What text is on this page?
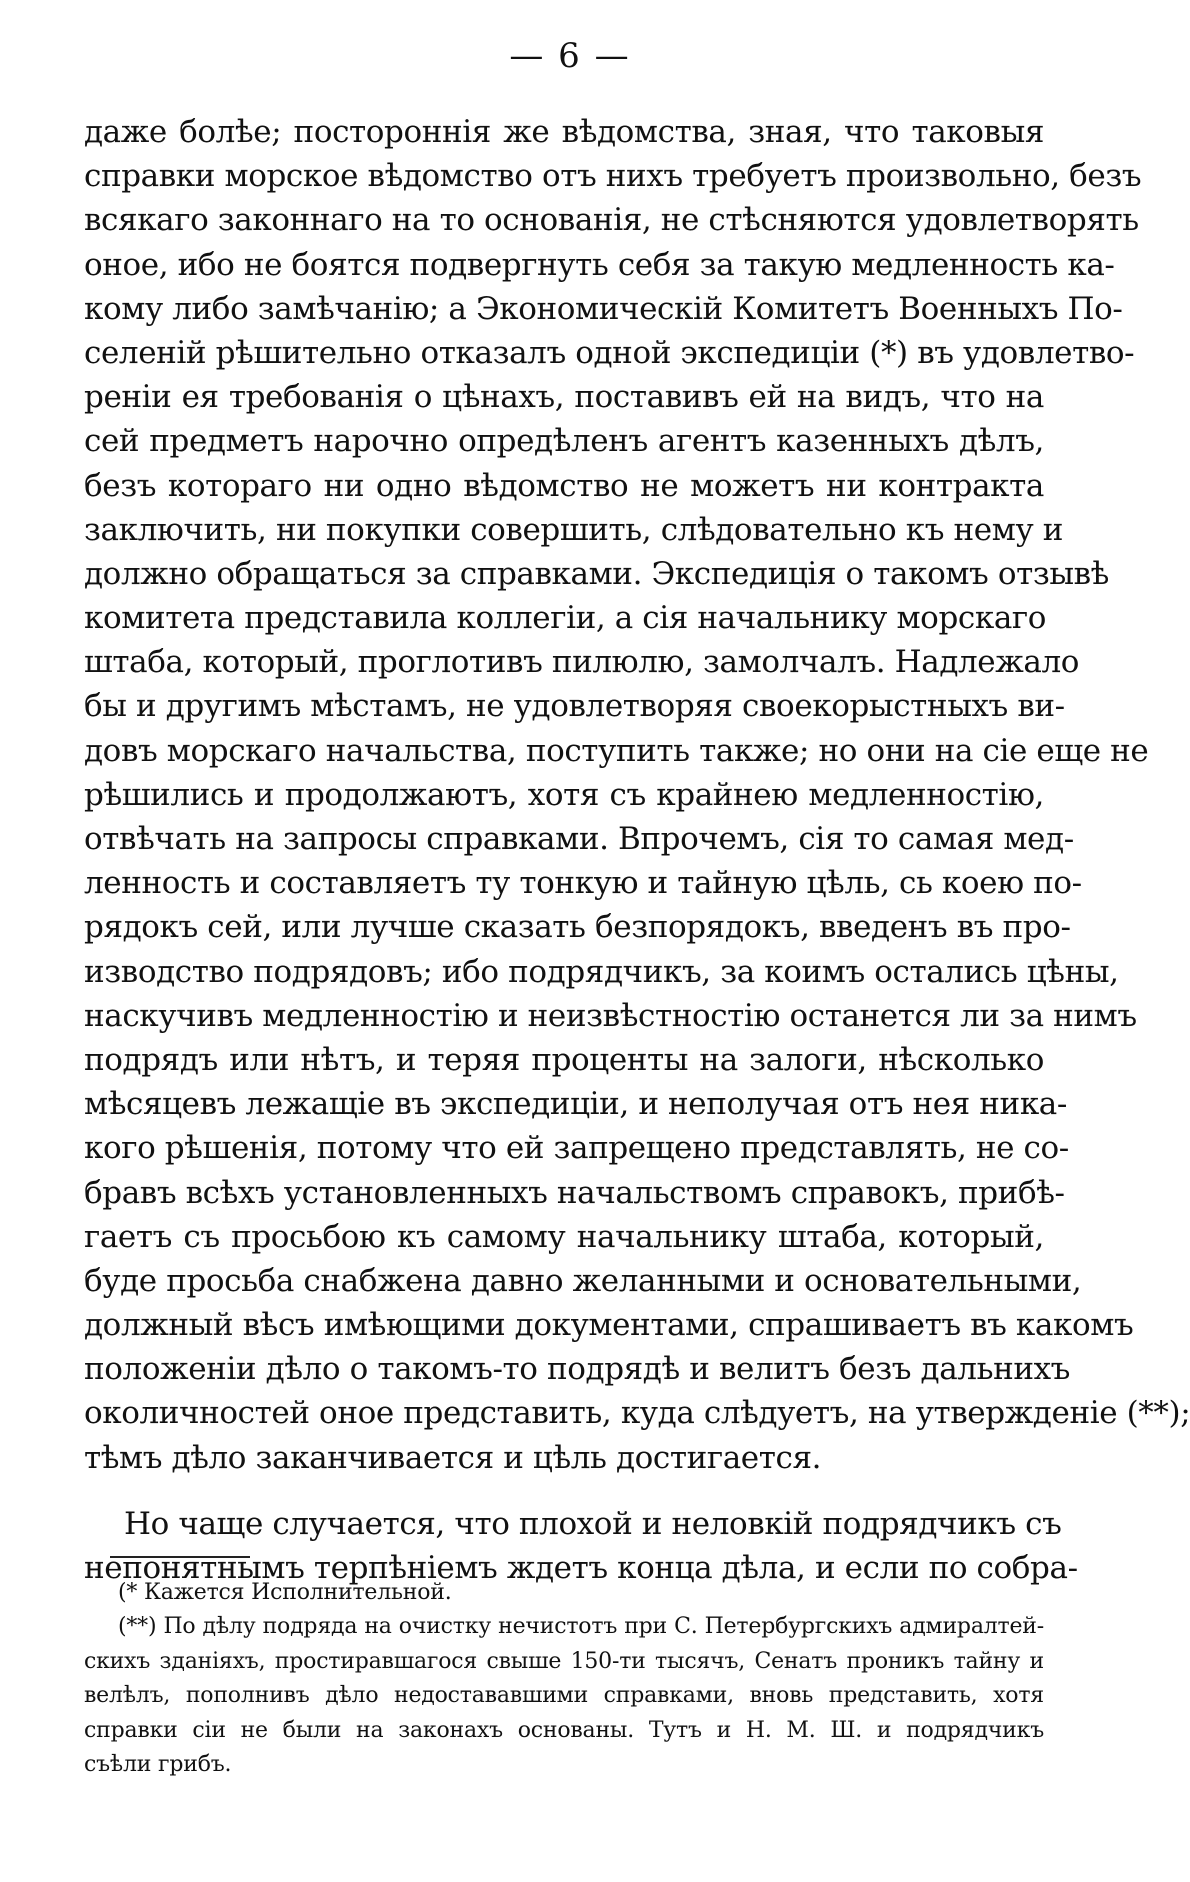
— 6 —
даже болѣе; постороннія же вѣдомства, зная, что таковыя
справки морское вѣдомство отъ нихъ требуетъ произвольно, безъ
всякаго законнаго на то основанія, не стѣсняются удовлетворять
оное, ибо не боятся подвергнуть себя за такую медленность ка-
кому либо замѣчанію; а Экономическій Комитетъ Военныхъ По-
селеній рѣшительно отказалъ одной экспедиціи (*) въ удовлетво-
реніи ея требованія о цѣнахъ, поставивъ ей на видъ, что на
сей предметъ нарочно опредѣленъ агентъ казенныхъ дѣлъ,
безъ котораго ни одно вѣдомство не можетъ ни контракта
заключить, ни покупки совершить, слѣдовательно къ нему и
должно обращаться за справками. Экспедиція о такомъ отзывѣ
комитета представила коллегіи, а сія начальнику морскаго
штаба, который, проглотивъ пилюлю, замолчалъ. Надлежало
бы и другимъ мѣстамъ, не удовлетворяя своекорыстныхъ ви-
довъ морскаго начальства, поступить также; но они на сіе еще не
рѣшились и продолжаютъ, хотя съ крайнею медленностію,
отвѣчать на запросы справками. Впрочемъ, сія то самая мед-
ленность и составляетъ ту тонкую и тайную цѣль, сь коею по-
рядокъ сей, или лучше сказать безпорядокъ, введенъ въ про-
изводство подрядовъ; ибо подрядчикъ, за коимъ остались цѣны,
наскучивъ медленностію и неизвѣстностію останется ли за нимъ
подрядъ или нѣтъ, и теряя проценты на залоги, нѣсколько
мѣсяцевъ лежащіе въ экспедиціи, и неполучая отъ нея ника-
кого рѣшенія, потому что ей запрещено представлять, не со-
бравъ всѣхъ установленныхъ начальствомъ справокъ, прибѣ-
гаетъ съ просьбою къ самому начальнику штаба, который,
буде просьба снабжена давно желанными и основательными,
должный вѣсъ имѣющими документами, спрашиваетъ въ какомъ
положеніи дѣло о такомъ-то подрядѣ и велитъ безъ дальнихъ
околичностей оное представить, куда слѣдуетъ, на утвержденіе (**);
тѣмъ дѣло заканчивается и цѣль достигается.
Но чаще случается, что плохой и неловкій подрядчикъ съ
непонятнымъ терпѣніемъ ждетъ конца дѣла, и если по собра-
(* Кажется Исполнительной.
(**) По дѣлу подряда на очистку нечистотъ при С. Петербургскихъ адмиралтей-
скихъ зданіяхъ, простиравшагося свыше 150-ти тысячъ, Сенатъ проникъ тайну и
велѣлъ, пополнивъ дѣло недостававшими справками, вновь представить, хотя
справки сіи не были на законахъ основаны. Тутъ и Н. М. Ш. и подрядчикъ
съѣли грибъ.
